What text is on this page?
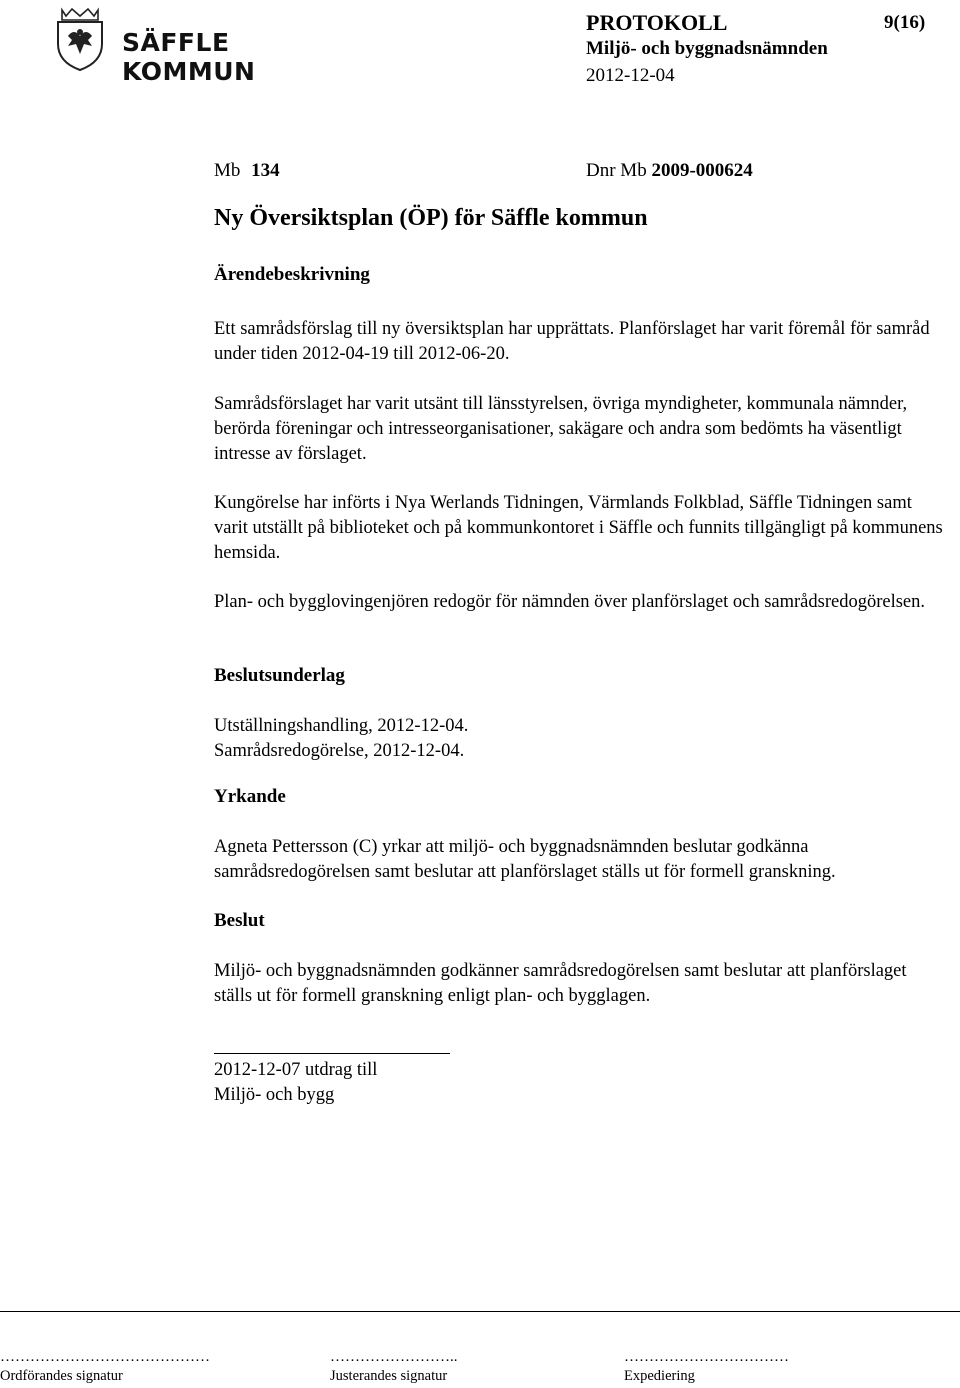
SÄFFLE KOMMUN
PROTOKOLL	9(16)
Miljö- och byggnadsnämnden
2012-12-04
Mb 134	Dnr Mb 2009-000624
Ny Översiktsplan (ÖP) för Säffle kommun
Ärendebeskrivning
Ett samrådsförslag till ny översiktsplan har upprättats. Planförslaget har varit föremål för samråd under tiden 2012-04-19 till 2012-06-20.
Samrådsförslaget har varit utsänt till länsstyrelsen, övriga myndigheter, kommunala nämnder, berörda föreningar och intresseorganisationer, sakägare och andra som bedömts ha väsentligt intresse av förslaget.
Kungörelse har införts i Nya Werlands Tidningen, Värmlands Folkblad, Säffle Tidningen samt varit utställt på biblioteket och på kommunkontoret i Säffle och funnits tillgängligt på kommunens hemsida.
Plan- och bygglovingenjören redogör för nämnden över planförslaget och samrådsredogörelsen.
Beslutsunderlag
Utställningshandling, 2012-12-04.
Samrådsredogörelse, 2012-12-04.
Yrkande
Agneta Pettersson (C) yrkar att miljö- och byggnadsnämnden beslutar godkänna samrådsredogörelsen samt beslutar att planförslaget ställs ut för formell granskning.
Beslut
Miljö- och byggnadsnämnden godkänner samrådsredogörelsen samt beslutar att planförslaget ställs ut för formell granskning enligt plan- och bygglagen.
2012-12-07 utdrag till
Miljö- och bygg
……………………………………
Ordförandes signatur
……………………..
Justerandes signatur
……………………………
Expediering
